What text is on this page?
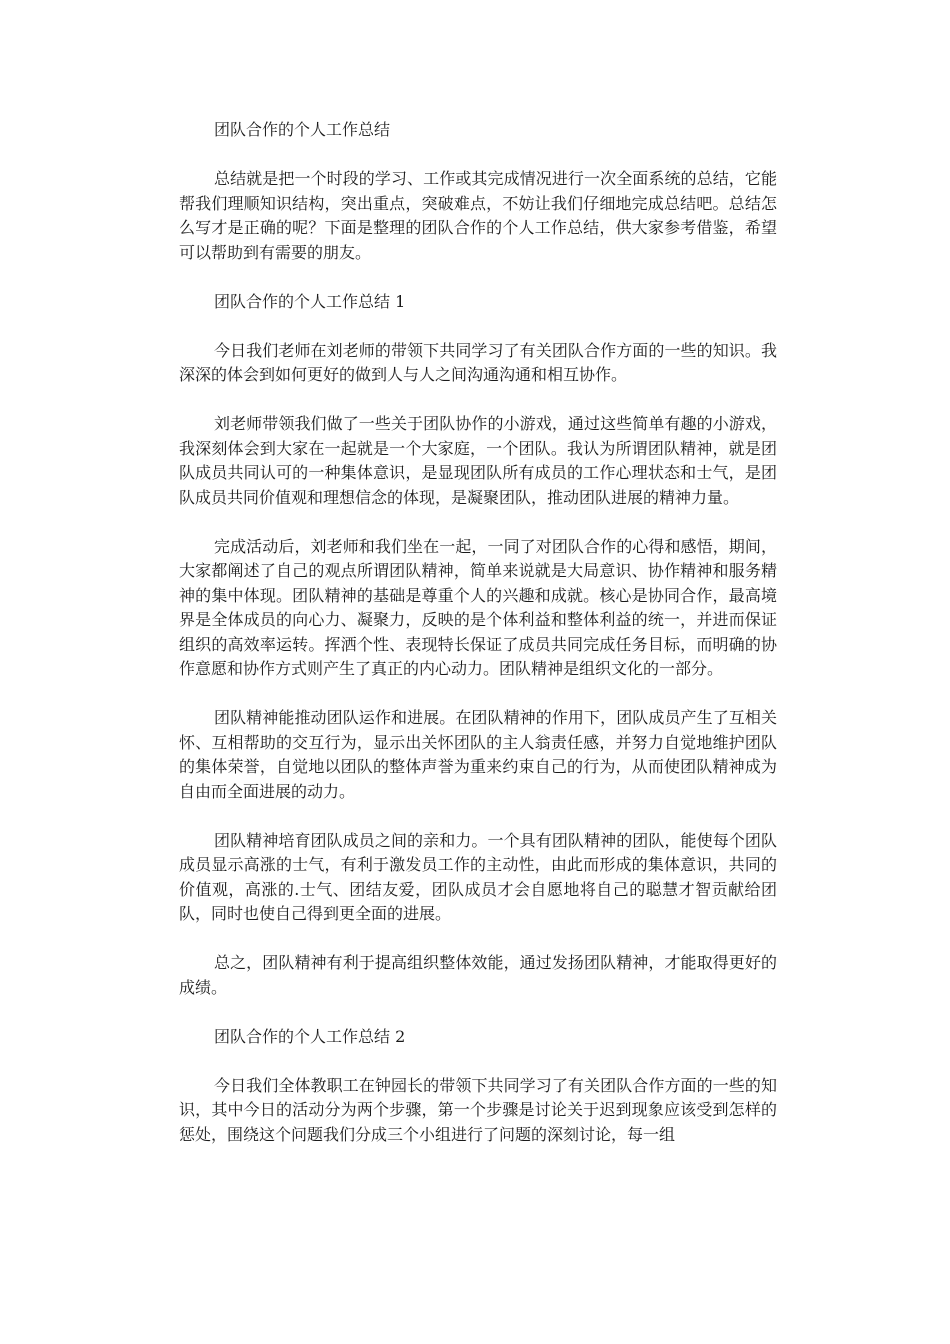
团队合作的个人工作总结

总结就是把一个时段的学习、工作或其完成情况进行一次全面系统的总结，它能帮我们理顺知识结构，突出重点，突破难点，不妨让我们仔细地完成总结吧。总结怎么写才是正确的呢？下面是整理的团队合作的个人工作总结，供大家参考借鉴，希望可以帮助到有需要的朋友。

团队合作的个人工作总结 1

今日我们老师在刘老师的带领下共同学习了有关团队合作方面的一些的知识。我深深的体会到如何更好的做到人与人之间沟通沟通和相互协作。

刘老师带领我们做了一些关于团队协作的小游戏，通过这些简单有趣的小游戏，我深刻体会到大家在一起就是一个大家庭，一个团队。我认为所谓团队精神，就是团队成员共同认可的一种集体意识，是显现团队所有成员的工作心理状态和士气，是团队成员共同价值观和理想信念的体现，是凝聚团队，推动团队进展的精神力量。

完成活动后，刘老师和我们坐在一起，一同了对团队合作的心得和感悟，期间，大家都阐述了自己的观点所谓团队精神，简单来说就是大局意识、协作精神和服务精神的集中体现。团队精神的基础是尊重个人的兴趣和成就。核心是协同合作，最高境界是全体成员的向心力、凝聚力，反映的是个体利益和整体利益的统一，并进而保证组织的高效率运转。挥洒个性、表现特长保证了成员共同完成任务目标，而明确的协作意愿和协作方式则产生了真正的内心动力。团队精神是组织文化的一部分。

团队精神能推动团队运作和进展。在团队精神的作用下，团队成员产生了互相关怀、互相帮助的交互行为，显示出关怀团队的主人翁责任感，并努力自觉地维护团队的集体荣誉，自觉地以团队的整体声誉为重来约束自己的行为，从而使团队精神成为自由而全面进展的动力。

团队精神培育团队成员之间的亲和力。一个具有团队精神的团队，能使每个团队成员显示高涨的士气，有利于激发员工作的主动性，由此而形成的集体意识，共同的价值观，高涨的.士气、团结友爱，团队成员才会自愿地将自己的聪慧才智贡献给团队，同时也使自己得到更全面的进展。

总之，团队精神有利于提高组织整体效能，通过发扬团队精神，才能取得更好的成绩。

团队合作的个人工作总结 2

今日我们全体教职工在钟园长的带领下共同学习了有关团队合作方面的一些的知识，其中今日的活动分为两个步骤，第一个步骤是讨论关于迟到现象应该受到怎样的惩处，围绕这个问题我们分成三个小组进行了问题的深刻讨论，每一组
